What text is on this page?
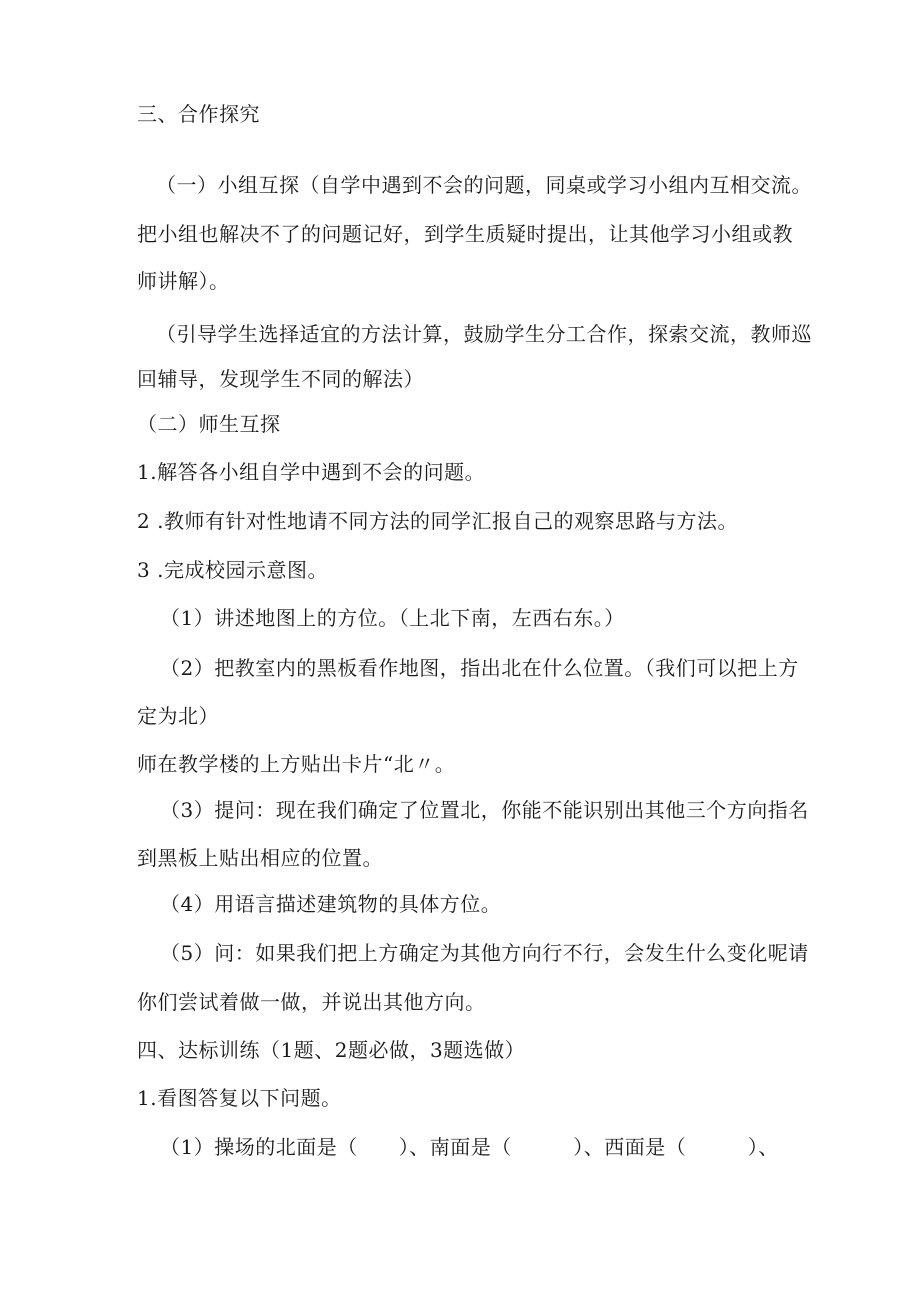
三、合作探究
（一）小组互探（自学中遇到不会的问题，同桌或学习小组内互相交流。
把小组也解决不了的问题记好，到学生质疑时提出，让其他学习小组或教
师讲解）。
（引导学生选择适宜的方法计算，鼓励学生分工合作，探索交流，教师巡
回辅导，发现学生不同的解法）
（二）师生互探
1.解答各小组自学中遇到不会的问题。
2 .教师有针对性地请不同方法的同学汇报自己的观察思路与方法。
3 .完成校园示意图。
（1）讲述地图上的方位。（上北下南，左西右东。）
（2）把教室内的黑板看作地图，指出北在什么位置。（我们可以把上方
定为北）
师在教学楼的上方贴出卡片“北〃。
（3）提问：现在我们确定了位置北，你能不能识别出其他三个方向指名
到黑板上贴出相应的位置。
（4）用语言描述建筑物的具体方位。
（5）问：如果我们把上方确定为其他方向行不行，会发生什么变化呢请
你们尝试着做一做，并说出其他方向。
四、达标训练（1题、2题必做，3题选做）
1.看图答复以下问题。
（1）操场的北面是（　　）、南面是（　　　）、西面是（　　　）、
